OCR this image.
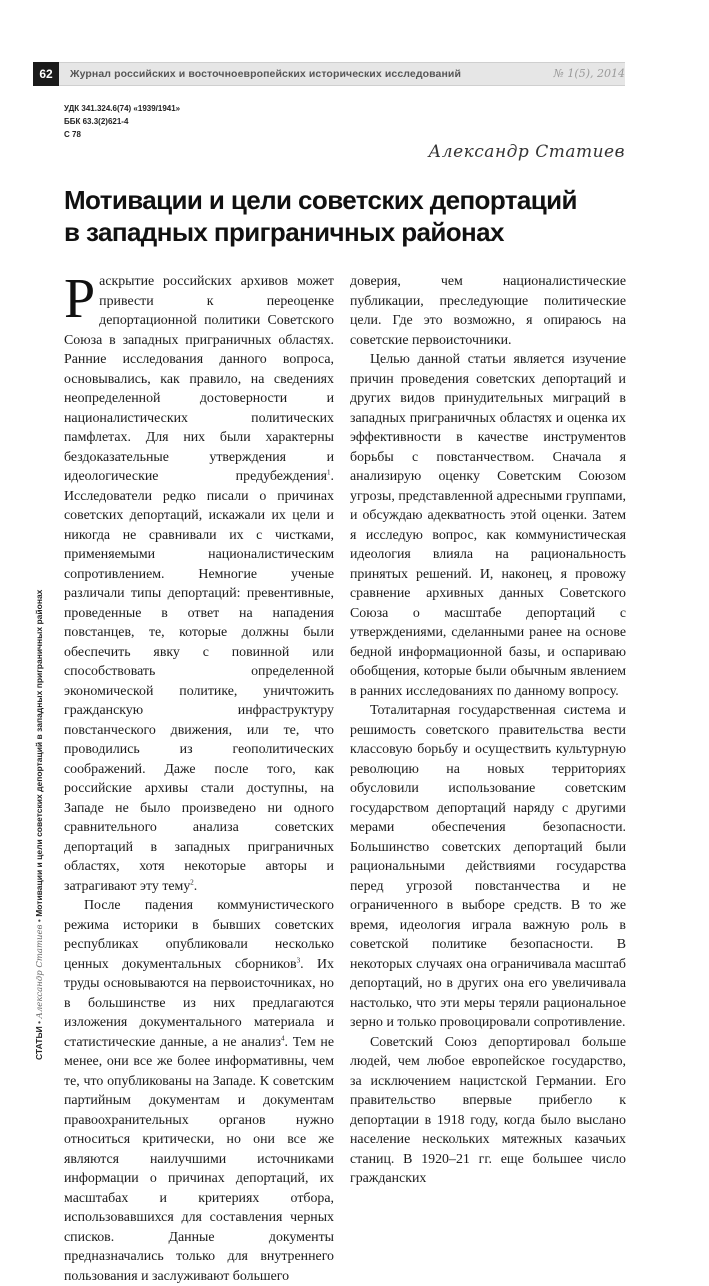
62	Журнал российских и восточноевропейских исторических исследований	№ 1(5), 2014
УДК 341.324.6(74) «1939/1941»
ББК 63.3(2)621-4
С 78
Александр Статиев
Мотивации и цели советских депортаций в западных приграничных районах
СТАТЬИ • Александр Статиев • Мотивации и цели советских депортаций в западных приграничных районах

Раскрытие российских архивов может привести к переоценке депортационной политики Советского Союза в западных приграничных областях. Ранние исследования данного вопроса, основывались, как правило, на сведениях неопределенной достоверности и националистических политических памфлетах. Для них были характерны бездоказательные утверждения и идеологические предубеждения$^1$. Исследователи редко писали о причинах советских депортаций, искажали их цели и никогда не сравнивали их с чистками, применяемыми националистическим сопротивлением. Немногие ученые различали типы депортаций: превентивные, проведенные в ответ на нападения повстанцев, те, которые должны были обеспечить явку с повинной или способствовать определенной экономической политике, уничтожить гражданскую инфраструктуру повстанческого движения, или те, что проводились из геополитических соображений. Даже после того, как российские архивы стали доступны, на Западе не было произведено ни одного сравнительного анализа советских депортаций в западных приграничных областях, хотя некоторые авторы и затрагивают эту тему$^2$.

После падения коммунистического режима историки в бывших советских республиках опубликовали несколько ценных документальных сборников$^3$. Их труды основываются на первоисточниках, но в большинстве из них предлагаются изложения документального материала и статистические данные, а не анализ$^4$. Тем не менее, они все же более информативны, чем те, что опубликованы на Западе. К советским партийным документам и документам правоохранительных органов нужно относиться критически, но они все же являются наилучшими источниками информации о причинах депортаций, их масштабах и критериях отбора, использовавшихся для составления черных списков. Данные документы предназначались только для внутреннего пользования и заслуживают большего

доверия, чем националистические публикации, преследующие политические цели. Где это возможно, я опираюсь на советские первоисточники.

Целью данной статьи является изучение причин проведения советских депортаций и других видов принудительных миграций в западных приграничных областях и оценка их эффективности в качестве инструментов борьбы с повстанчеством. Сначала я анализирую оценку Советским Союзом угрозы, представленной адресными группами, и обсуждаю адекватность этой оценки. Затем я исследую вопрос, как коммунистическая идеология влияла на рациональность принятых решений. И, наконец, я провожу сравнение архивных данных Советского Союза о масштабе депортаций с утверждениями, сделанными ранее на основе бедной информационной базы, и оспариваю обобщения, которые были обычным явлением в ранних исследованиях по данному вопросу.

Тоталитарная государственная система и решимость советского правительства вести классовую борьбу и осуществить культурную революцию на новых территориях обусловили использование советским государством депортаций наряду с другими мерами обеспечения безопасности. Большинство советских депортаций были рациональными действиями государства перед угрозой повстанчества и не ограниченного в выборе средств. В то же время, идеология играла важную роль в советской политике безопасности. В некоторых случаях она ограничивала масштаб депортаций, но в других она его увеличивала настолько, что эти меры теряли рациональное зерно и только провоцировали сопротивление.

Советский Союз депортировал больше людей, чем любое европейское государство, за исключением нацистской Германии. Его правительство впервые прибегло к депортации в 1918 году, когда было выслано население нескольких мятежных казачьих станиц. В 1920–21 гг. еще большее число гражданских
